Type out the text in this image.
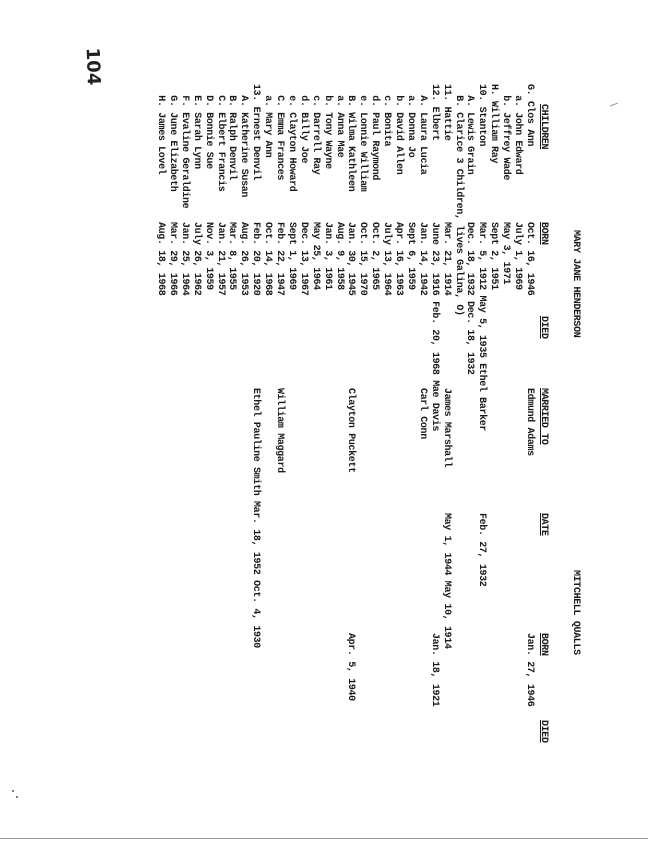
104
MARY JANE HENDERSON
MITCHELL QUALLS
CHILDREN
BORN
DIED
MARRIED TO
DATE
BORN
DIED
G. Clos Ann
Oct. 16, 1946
Edmund Adams
Jan. 27, 1946
a. John Edward
July 1, 1969
b. Jeffrey Wade
May 3, 1971
H. William Ray
Sept 2, 1951
10. Stanton
Mar. 5, 1912 May 5, 1935 Ethel Barker
Feb. 27, 1932
A. Lewis Grain
Dec. 18, 1932 Dec. 18, 1932
B. Clarice 3 Children, lives Galina, O)
11. Hattie
Mar. 21, 1914
James Marshall
May 1, 1944 May 10, 1914
12. Elbert
June 23, 1916 Feb. 20, 1968 Mae Davis
Jan. 18, 1921
A. Laura Lucia
Jan. 14, 1942
Carl Conn
a. Donna Jo
Sept 6, 1959
b. David Allen
Apr. 16, 1963
c. Bonita
July 13, 1964
d. Paul Raymond
Oct. 2, 1965
e. Lonnie William
Oct. 15, 1970
B. Wilma Kathleen
Jan. 30, 1945
Clayton Puckett
Apr. 5, 1940
a. Anna Mae
Aug. 9, 1958
b. Tony Wayne
Jan. 3, 1961
c. Darrell Ray
May 25, 1964
d. Billy Joe
Dec. 13, 1967
e. Clayton Howard
Sept 1, 1969
C. Emma Frances
Feb. 22, 1947
William Maggard
a. Mary Ann
Oct. 14, 1968
13. Ernest Denvil
Feb. 20, 1920
Ethel Pauline Smith Mar. 18, 1952 Oct. 4, 1930
A. Katherine Susan
Aug. 26, 1953
B. Ralph Denvil
Mar. 8, 1955
C. Elbert Francis
Jan. 21, 1957
D. Bonnie Sue
Nov. 3, 1959
E. Sarah Lynn
July 26, 1962
F. Evaline Geraldine
Jan. 25, 1964
G. June Elizabeth
Mar. 29, 1966
H. James Lovel
Aug. 18, 1968
